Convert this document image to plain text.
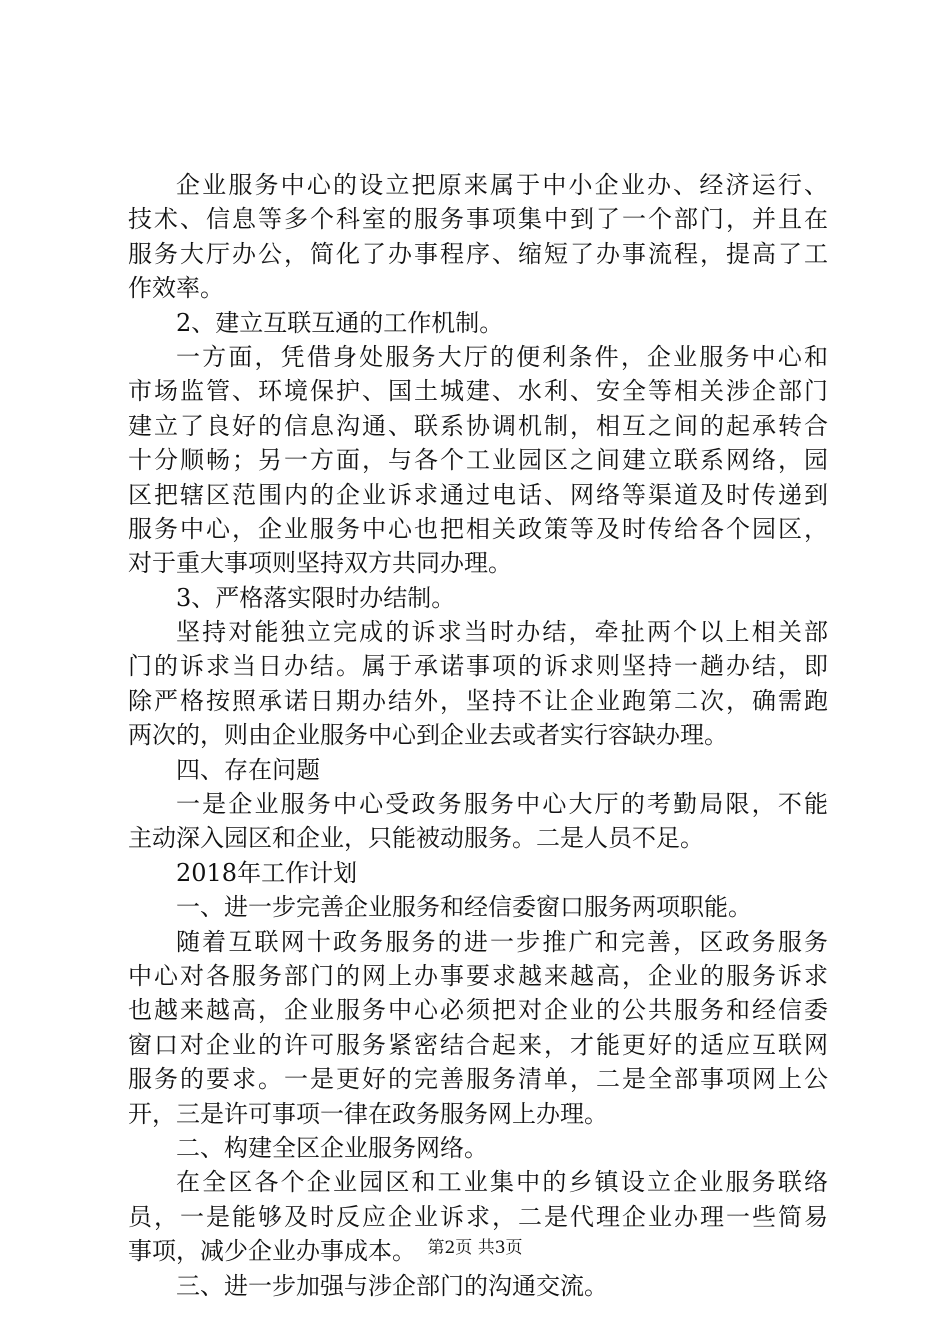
企业服务中心的设立把原来属于中小企业办、经济运行、
技术、信息等多个科室的服务事项集中到了一个部门，并且在
服务大厅办公，简化了办事程序、缩短了办事流程，提高了工
作效率。
2、建立互联互通的工作机制。
一方面，凭借身处服务大厅的便利条件，企业服务中心和
市场监管、环境保护、国土城建、水利、安全等相关涉企部门
建立了良好的信息沟通、联系协调机制，相互之间的起承转合
十分顺畅；另一方面，与各个工业园区之间建立联系网络，园
区把辖区范围内的企业诉求通过电话、网络等渠道及时传递到
服务中心，企业服务中心也把相关政策等及时传给各个园区，
对于重大事项则坚持双方共同办理。
3、严格落实限时办结制。
坚持对能独立完成的诉求当时办结，牵扯两个以上相关部
门的诉求当日办结。属于承诺事项的诉求则坚持一趟办结，即
除严格按照承诺日期办结外，坚持不让企业跑第二次，确需跑
两次的，则由企业服务中心到企业去或者实行容缺办理。
四、存在问题
一是企业服务中心受政务服务中心大厅的考勤局限，不能
主动深入园区和企业，只能被动服务。二是人员不足。
2018年工作计划
一、进一步完善企业服务和经信委窗口服务两项职能。
随着互联网十政务服务的进一步推广和完善，区政务服务
中心对各服务部门的网上办事要求越来越高，企业的服务诉求
也越来越高，企业服务中心必须把对企业的公共服务和经信委
窗口对企业的许可服务紧密结合起来，才能更好的适应互联网
服务的要求。一是更好的完善服务清单，二是全部事项网上公
开，三是许可事项一律在政务服务网上办理。
二、构建全区企业服务网络。
在全区各个企业园区和工业集中的乡镇设立企业服务联络
员，一是能够及时反应企业诉求，二是代理企业办理一些简易
事项，减少企业办事成本。
三、进一步加强与涉企部门的沟通交流。
第2页 共3页
